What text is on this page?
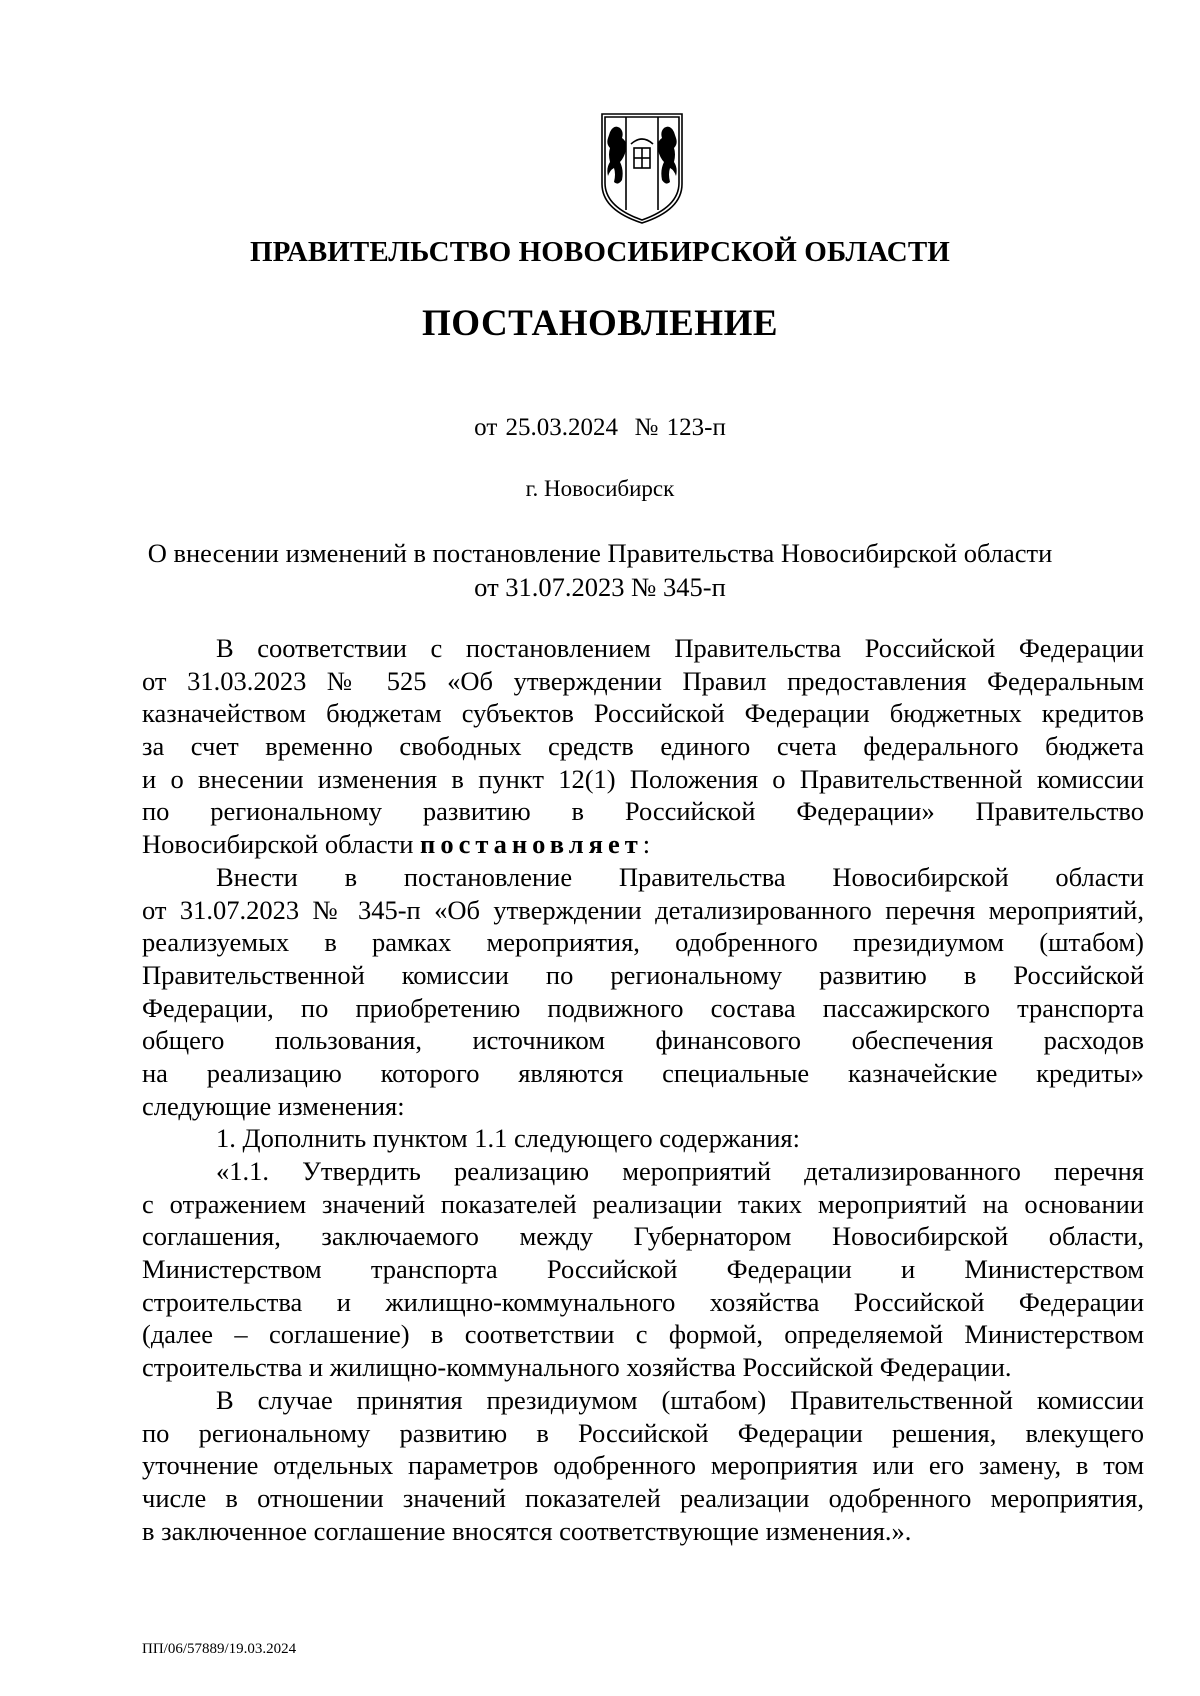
ПРАВИТЕЛЬСТВО НОВОСИБИРСКОЙ ОБЛАСТИ
ПОСТАНОВЛЕНИЕ
от 25.03.2024  № 123-п
г. Новосибирск
О внесении изменений в постановление Правительства Новосибирской области
от 31.07.2023 № 345-п
В соответствии с постановлением Правительства Российской Федерации
от 31.03.2023 № 525 «Об утверждении Правил предоставления Федеральным
казначейством бюджетам субъектов Российской Федерации бюджетных кредитов
за счет временно свободных средств единого счета федерального бюджета
и о внесении изменения в пункт 12(1) Положения о Правительственной комиссии
по региональному развитию в Российской Федерации» Правительство
Новосибирской области постановляет:
Внести в постановление Правительства Новосибирской области
от 31.07.2023 № 345-п «Об утверждении детализированного перечня мероприятий,
реализуемых в рамках мероприятия, одобренного президиумом (штабом)
Правительственной комиссии по региональному развитию в Российской
Федерации, по приобретению подвижного состава пассажирского транспорта
общего пользования, источником финансового обеспечения расходов
на реализацию которого являются специальные казначейские кредиты»
следующие изменения:
1. Дополнить пунктом 1.1 следующего содержания:
«1.1. Утвердить реализацию мероприятий детализированного перечня
с отражением значений показателей реализации таких мероприятий на основании
соглашения, заключаемого между Губернатором Новосибирской области,
Министерством транспорта Российской Федерации и Министерством
строительства и жилищно-коммунального хозяйства Российской Федерации
(далее – соглашение) в соответствии с формой, определяемой Министерством
строительства и жилищно-коммунального хозяйства Российской Федерации.
В случае принятия президиумом (штабом) Правительственной комиссии
по региональному развитию в Российской Федерации решения, влекущего
уточнение отдельных параметров одобренного мероприятия или его замену, в том
числе в отношении значений показателей реализации одобренного мероприятия,
в заключенное соглашение вносятся соответствующие изменения.».
ПП/06/57889/19.03.2024
